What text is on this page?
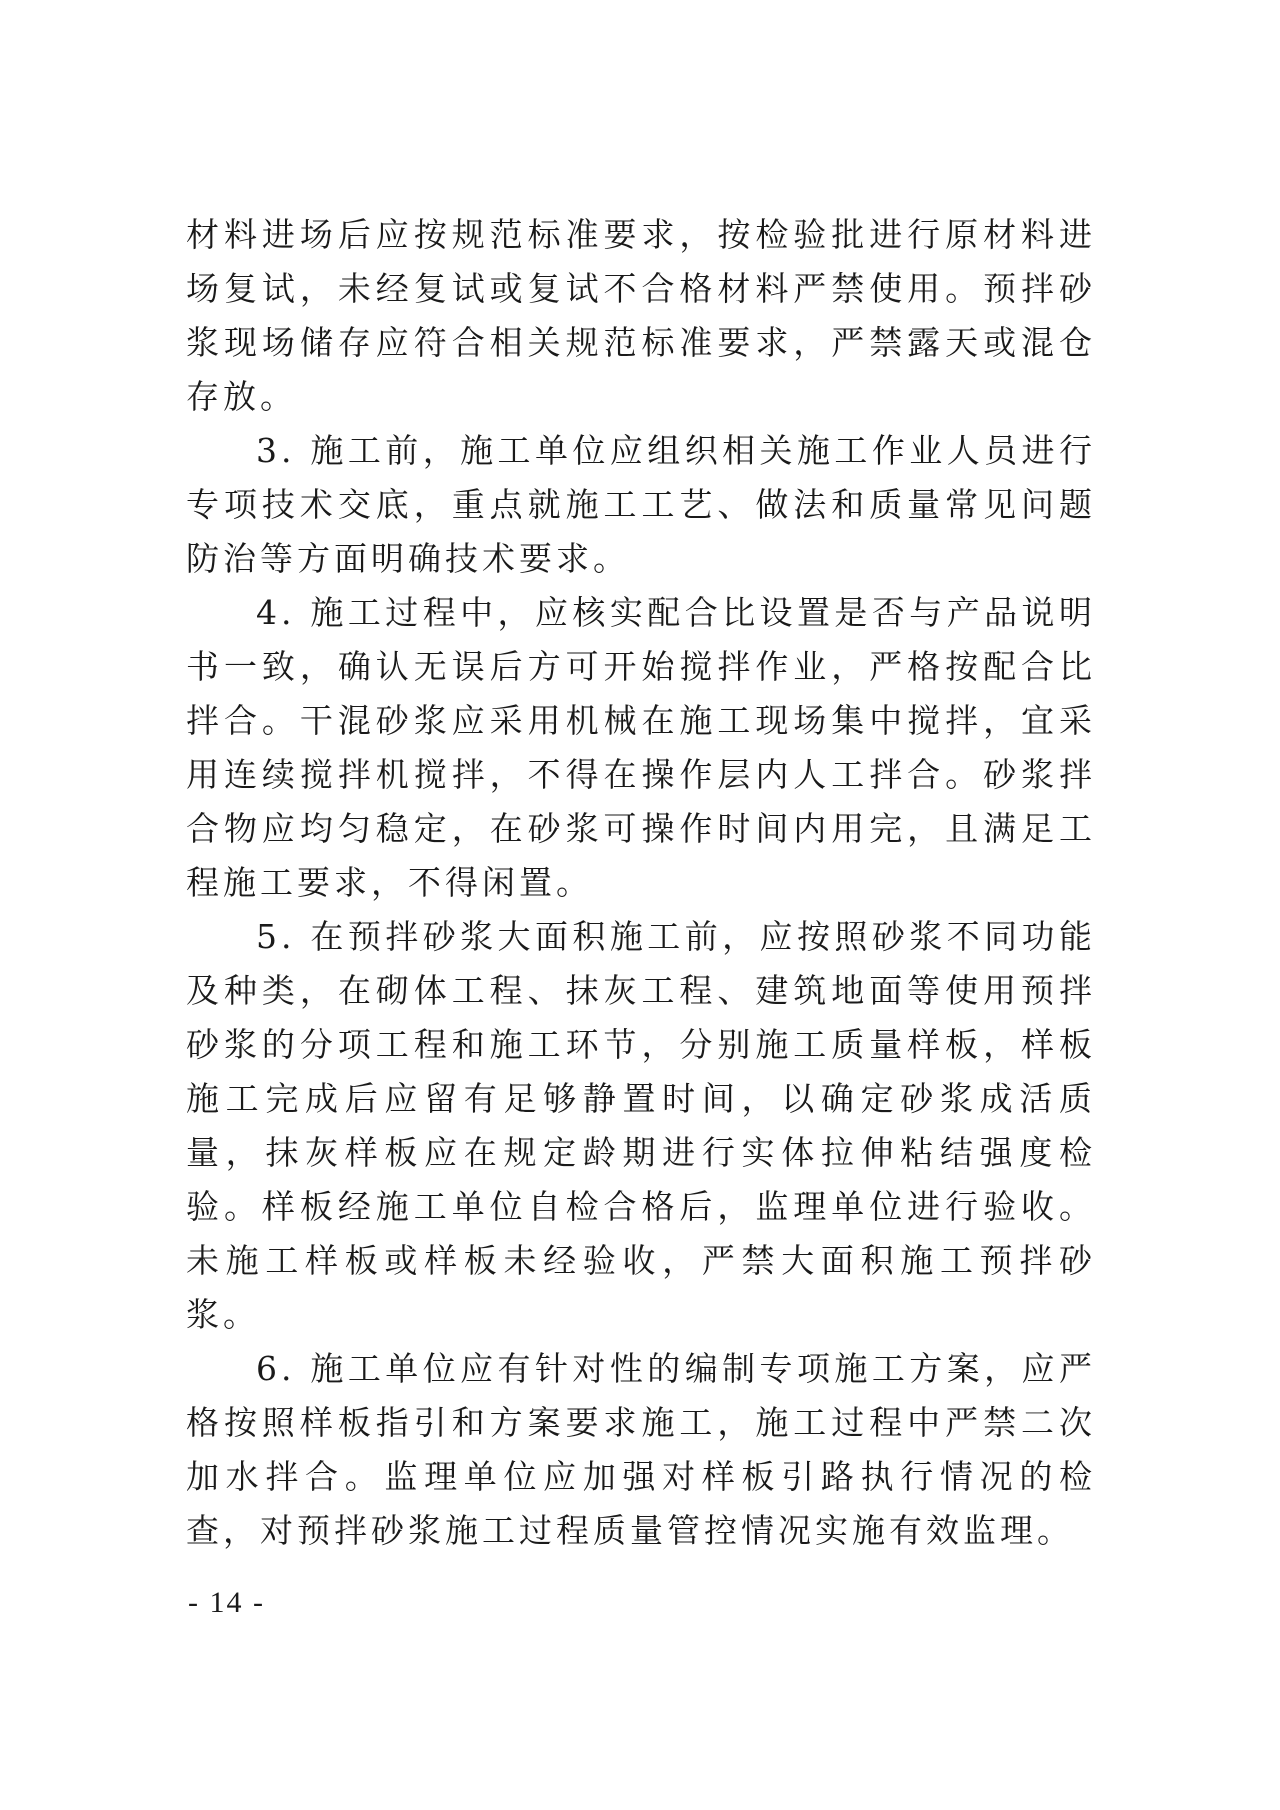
材料进场后应按规范标准要求，按检验批进行原材料进场复试，未经复试或复试不合格材料严禁使用。预拌砂浆现场储存应符合相关规范标准要求，严禁露天或混仓存放。

3. 施工前，施工单位应组织相关施工作业人员进行专项技术交底，重点就施工工艺、做法和质量常见问题防治等方面明确技术要求。

4. 施工过程中，应核实配合比设置是否与产品说明书一致，确认无误后方可开始搅拌作业，严格按配合比拌合。干混砂浆应采用机械在施工现场集中搅拌，宜采用连续搅拌机搅拌，不得在操作层内人工拌合。砂浆拌合物应均匀稳定，在砂浆可操作时间内用完，且满足工程施工要求，不得闲置。

5. 在预拌砂浆大面积施工前，应按照砂浆不同功能及种类，在砌体工程、抹灰工程、建筑地面等使用预拌砂浆的分项工程和施工环节，分别施工质量样板，样板施工完成后应留有足够静置时间，以确定砂浆成活质量，抹灰样板应在规定龄期进行实体拉伸粘结强度检验。样板经施工单位自检合格后，监理单位进行验收。未施工样板或样板未经验收，严禁大面积施工预拌砂浆。

6. 施工单位应有针对性的编制专项施工方案，应严格按照样板指引和方案要求施工，施工过程中严禁二次加水拌合。监理单位应加强对样板引路执行情况的检查，对预拌砂浆施工过程质量管控情况实施有效监理。

- 14 -
